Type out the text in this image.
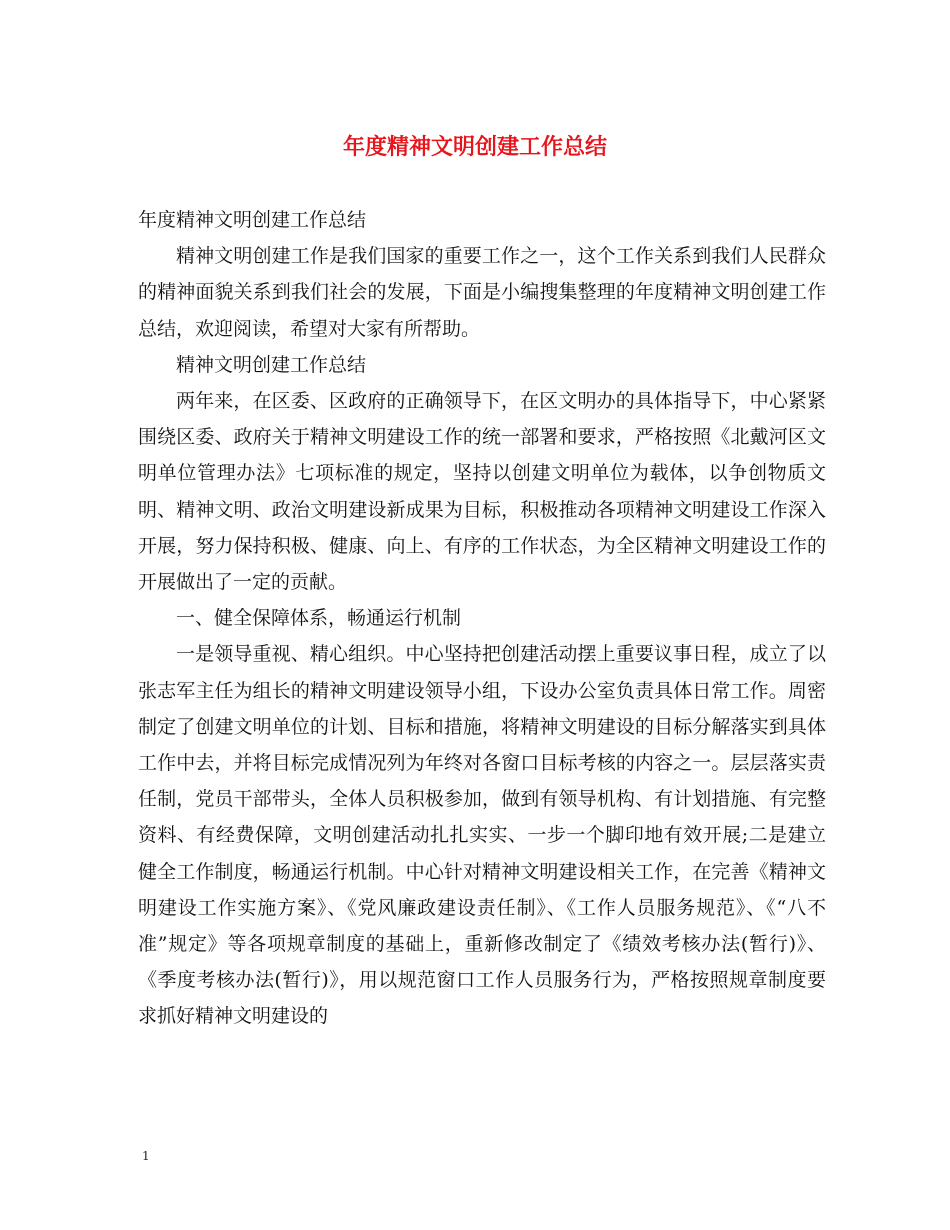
年度精神文明创建工作总结

年度精神文明创建工作总结

精神文明创建工作是我们国家的重要工作之一，这个工作关系到我们人民群众的精神面貌关系到我们社会的发展，下面是小编搜集整理的年度精神文明创建工作总结，欢迎阅读，希望对大家有所帮助。

精神文明创建工作总结

两年来，在区委、区政府的正确领导下，在区文明办的具体指导下，中心紧紧围绕区委、政府关于精神文明建设工作的统一部署和要求，严格按照《北戴河区文明单位管理办法》七项标准的规定，坚持以创建文明单位为载体，以争创物质文明、精神文明、政治文明建设新成果为目标，积极推动各项精神文明建设工作深入开展，努力保持积极、健康、向上、有序的工作状态，为全区精神文明建设工作的开展做出了一定的贡献。

一、健全保障体系，畅通运行机制

一是领导重视、精心组织。中心坚持把创建活动摆上重要议事日程，成立了以张志军主任为组长的精神文明建设领导小组，下设办公室负责具体日常工作。周密制定了创建文明单位的计划、目标和措施，将精神文明建设的目标分解落实到具体工作中去，并将目标完成情况列为年终对各窗口目标考核的内容之一。层层落实责任制，党员干部带头，全体人员积极参加，做到有领导机构、有计划措施、有完整资料、有经费保障，文明创建活动扎扎实实、一步一个脚印地有效开展;二是建立健全工作制度，畅通运行机制。中心针对精神文明建设相关工作，在完善《精神文明建设工作实施方案》、《党风廉政建设责任制》、《工作人员服务规范》、《“八不准”规定》等各项规章制度的基础上，重新修改制定了《绩效考核办法(暂行)》、《季度考核办法(暂行)》，用以规范窗口工作人员服务行为，严格按照规章制度要求抓好精神文明建设的

1
